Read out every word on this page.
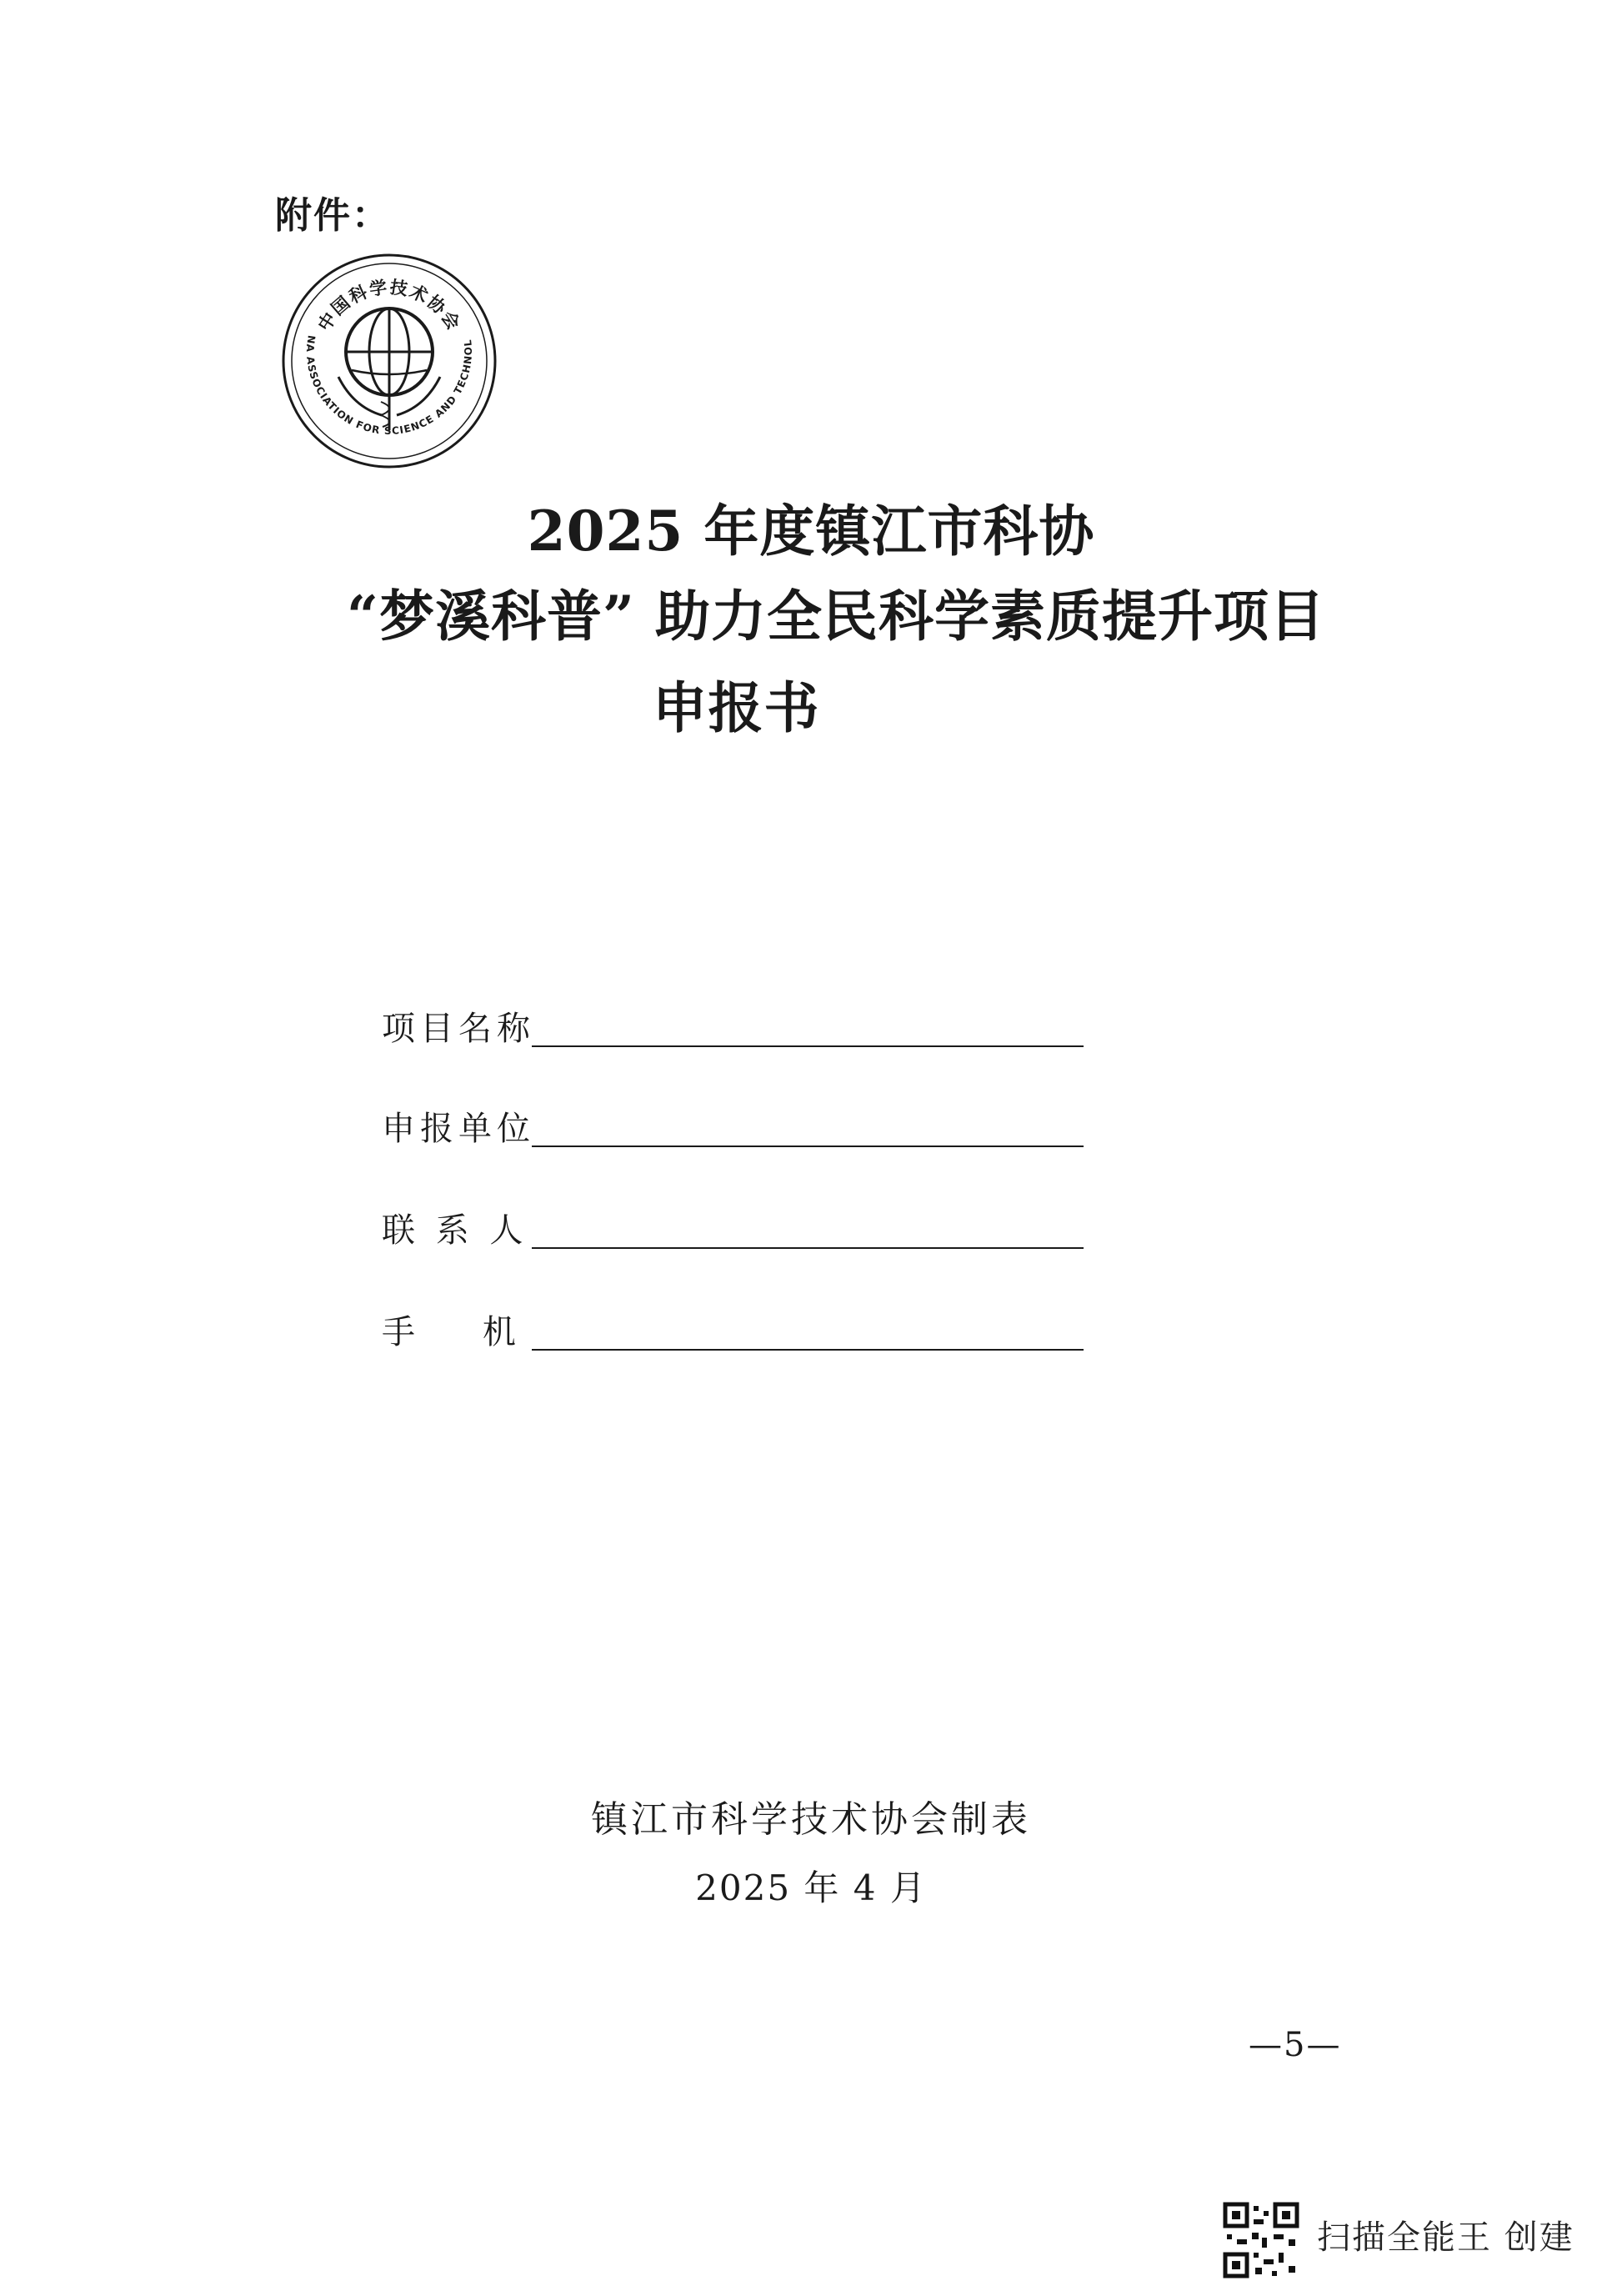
附件：
中国科学技术协会
NA ASSOCIATION FOR SCIENCE AND TECHNOL
2025 年度镇江市科协
“梦溪科普” 助力全民科学素质提升项目
申报书
项目名称
申报单位
联 系 人
手    机
镇江市科学技术协会制表
2025 年 4 月
—5—
扫描全能王 创建
